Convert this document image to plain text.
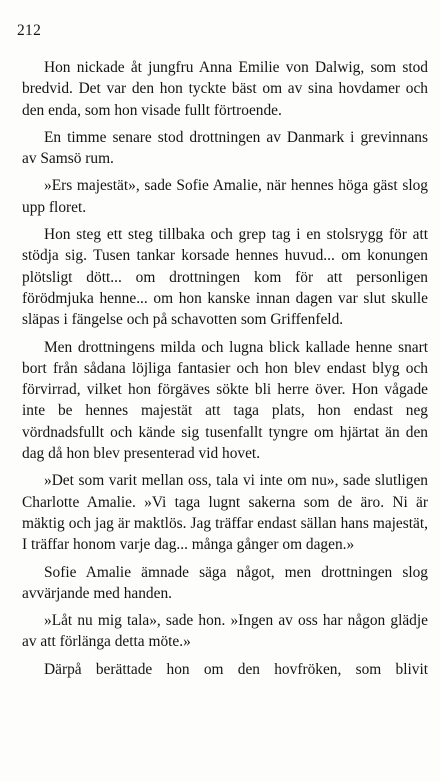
212

Hon nickade åt jungfru Anna Emilie von Dalwig, som stod bredvid. Det var den hon tyckte bäst om av sina hovdamer och den enda, som hon visade fullt förtroende.

En timme senare stod drottningen av Danmark i grevinnans av Samsö rum.

»Ers majestät», sade Sofie Amalie, när hennes höga gäst slog upp floret.

Hon steg ett steg tillbaka och grep tag i en stolsrygg för att stödja sig. Tusen tankar korsade hennes huvud... om konungen plötsligt dött... om drottningen kom för att personligen förödmjuka henne... om hon kanske innan dagen var slut skulle släpas i fängelse och på schavotten som Griffenfeld.

Men drottningens milda och lugna blick kallade henne snart bort från sådana löjliga fantasier och hon blev endast blyg och förvirrad, vilket hon förgäves sökte bli herre över. Hon vågade inte be hennes majestät att taga plats, hon endast neg vördnadsfullt och kände sig tusenfallt tyngre om hjärtat än den dag då hon blev presenterad vid hovet.

»Det som varit mellan oss, tala vi inte om nu», sade slutligen Charlotte Amalie. »Vi taga lugnt sakerna som de äro. Ni är mäktig och jag är maktlös. Jag träffar endast sällan hans majestät, I träffar honom varje dag... många gånger om dagen.»

Sofie Amalie ämnade säga något, men drottningen slog avvärjande med handen.

»Låt nu mig tala», sade hon. »Ingen av oss har någon glädje av att förlänga detta möte.»

Därpå berättade hon om den hovfröken, som blivit
